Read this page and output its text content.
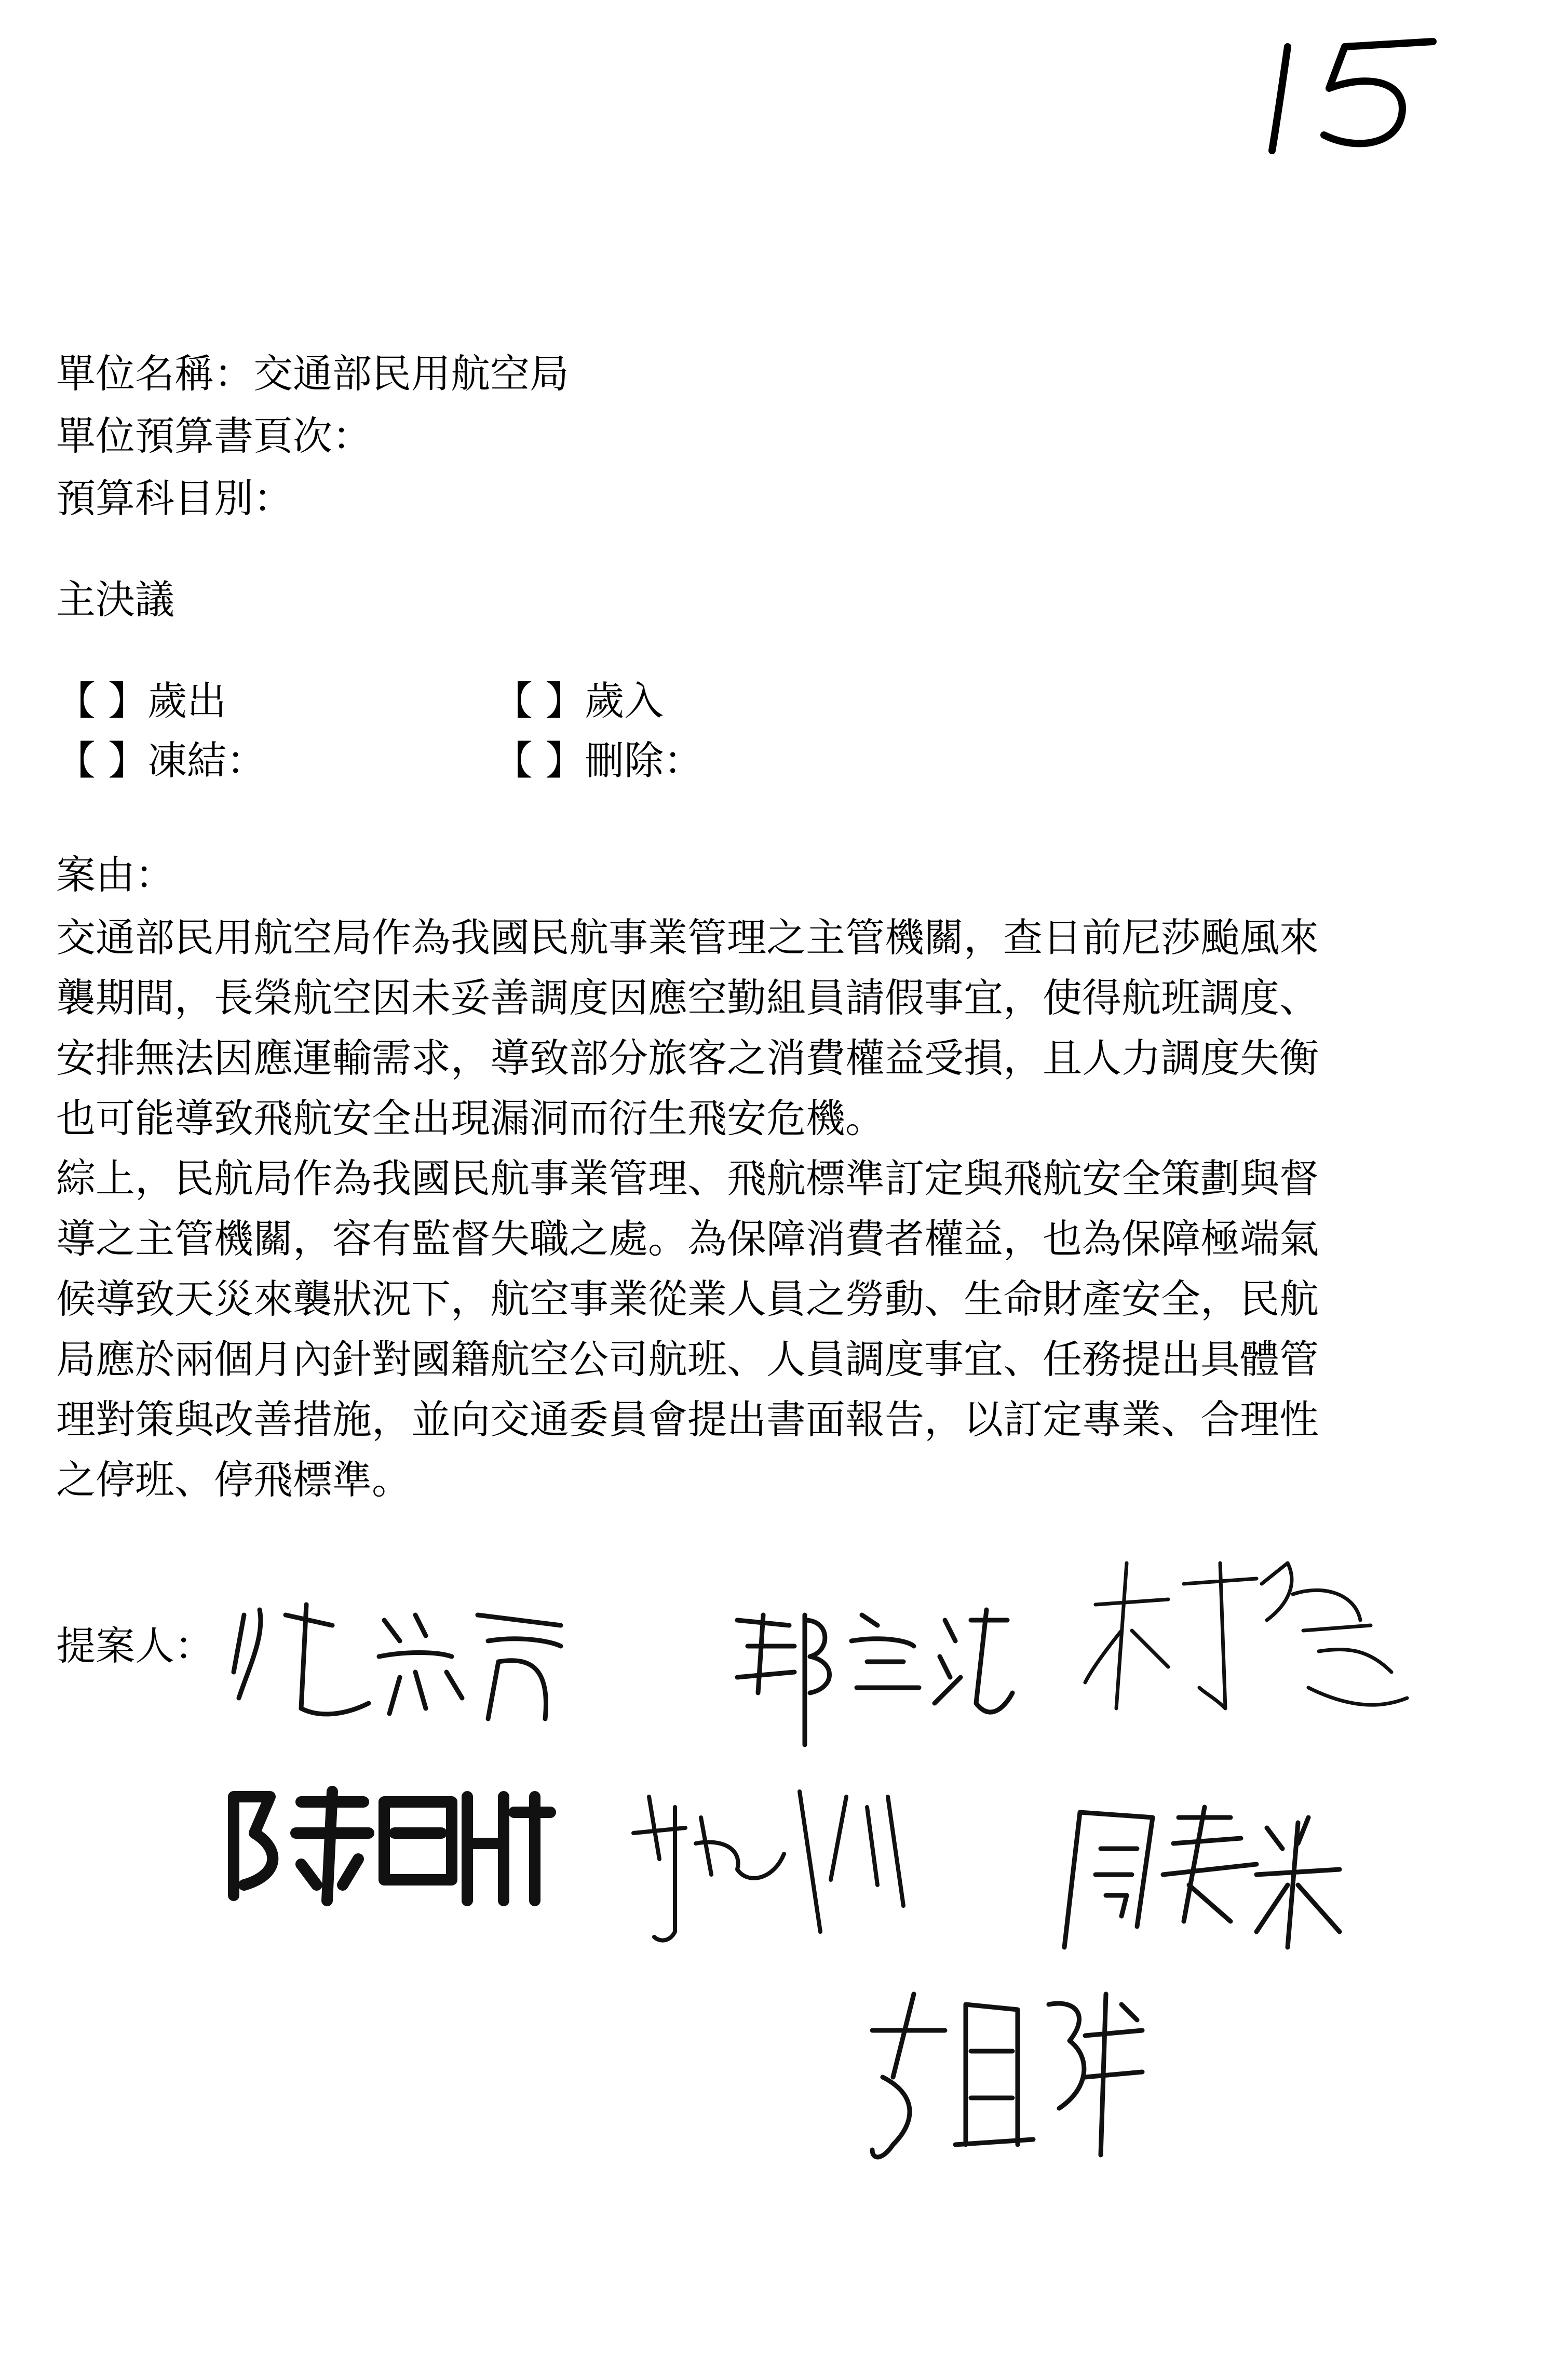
單位名稱：交通部民用航空局
單位預算書頁次：
預算科目別：
主決議
【 】歲出	【 】歲入
【 】凍結：	【 】刪除：
案由：
交通部民用航空局作為我國民航事業管理之主管機關，查日前尼莎颱風來
襲期間，長榮航空因未妥善調度因應空勤組員請假事宜，使得航班調度、
安排無法因應運輸需求，導致部分旅客之消費權益受損，且人力調度失衡
也可能導致飛航安全出現漏洞而衍生飛安危機。
綜上，民航局作為我國民航事業管理、飛航標準訂定與飛航安全策劃與督
導之主管機關，容有監督失職之處。為保障消費者權益，也為保障極端氣
候導致天災來襲狀況下，航空事業從業人員之勞動、生命財產安全，民航
局應於兩個月內針對國籍航空公司航班、人員調度事宜、任務提出具體管
理對策與改善措施，並向交通委員會提出書面報告，以訂定專業、合理性
之停班、停飛標準。
提案人：
